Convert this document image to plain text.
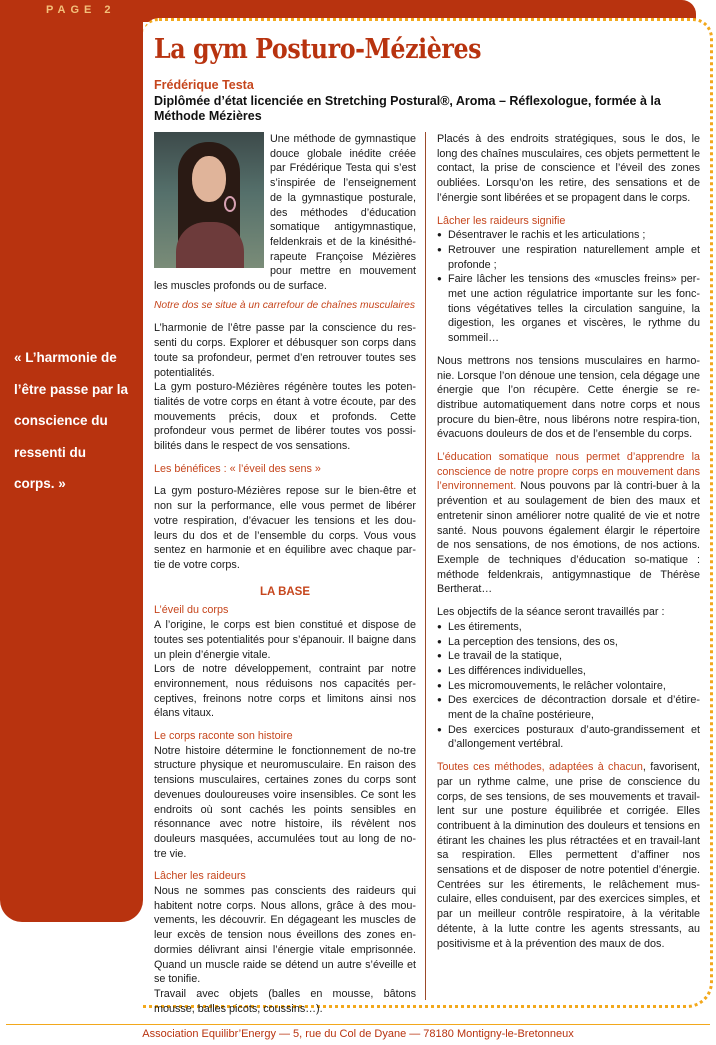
PAGE 2
« L’harmonie de
l’être passe par la
conscience du
ressenti du
corps. »
La gym Posturo-Mézières
Frédérique Testa
Diplômée d’état licenciée en Stretching Postural®, Aroma – Réflexologue, formée à la Méthode Mézières

Une méthode de gymnastique douce globale inédite créée par Frédérique Testa qui s’est s’inspirée de l’enseignement de la gymnastique posturale, des méthodes d’éducation somatique antigymnastique, feldenkrais et de la kinésithé-rapeute Françoise Mézières pour mettre en mouvement les muscles profonds ou de surface.

Notre dos se situe à un carrefour de chaînes musculaires

L’harmonie de l’être passe par la conscience du res-senti du corps. Explorer et débusquer son corps dans toute sa profondeur, permet d’en retrouver toutes ses potentialités.

La gym posturo-Mézières régénère toutes les poten-tialités de votre corps en étant à votre écoute, par des mouvements précis, doux et profonds. Cette profondeur vous permet de libérer toutes vos possi-bilités dans le respect de vos sensations.

Les bénéfices : « l’éveil des sens »

La gym posturo-Mézières repose sur le bien-être et non sur la performance, elle vous permet de libérer votre respiration, d’évacuer les tensions et les dou-leurs du dos et de l’ensemble du corps. Vous vous sentez en harmonie et en équilibre avec chaque par-tie de votre corps.

LA BASE
L’éveil du corps

A l’origine, le corps est bien constitué et dispose de toutes ses potentialités pour s’épanouir. Il baigne dans un plein d’énergie vitale.

Lors de notre développement, contraint par notre environnement, nous réduisons nos capacités per-ceptives, freinons notre corps et limitons ainsi nos élans vitaux.

Le corps raconte son histoire

Notre histoire détermine le fonctionnement de no-tre structure physique et neuromusculaire. En raison des tensions musculaires, certaines zones du corps sont devenues douloureuses voire insensibles. Ce sont les endroits où sont cachés les points sensibles en résonnance avec notre histoire, ils révèlent nos douleurs masquées, accumulées tout au long de no-tre vie.

Lâcher les raideurs

Nous ne sommes pas conscients des raideurs qui habitent notre corps. Nous allons, grâce à des mou-vements, les découvrir. En dégageant les muscles de leur excès de tension nous éveillons des zones en-dormies délivrant ainsi l’énergie vitale emprisonnée. Quand un muscle raide se détend un autre s’éveille et se tonifie.

Travail avec objets (balles en mousse, bâtons mousse, balles picots, coussins…).

Placés à des endroits stratégiques, sous le dos, le long des chaînes musculaires, ces objets permettent le contact, la prise de conscience et l’éveil des zones oubliées. Lorsqu’on les retire, des sensations et de l’énergie sont libérées et se propagent dans le corps.

Lâcher les raideurs signifie
● Désentraver le rachis et les articulations ;
● Retrouver une respiration naturellement ample et profonde ;
● Faire lâcher les tensions des «muscles freins» per-met une action régulatrice importante sur les fonc-tions végétatives telles la circulation sanguine, la digestion, les organes et viscères, le rythme du sommeil…

Nous mettrons nos tensions musculaires en harmo-nie. Lorsque l’on dénoue une tension, cela dégage une énergie que l’on récupère. Cette énergie se re-distribue automatiquement dans notre corps et nous procure du bien-être, nous libérons notre respira-tion, évacuons douleurs de dos et de l’ensemble du corps.

L’éducation somatique nous permet d’apprendre la conscience de notre propre corps en mouvement dans l’environnement. Nous pouvons par là contri-buer à la prévention et au soulagement de bien des maux et entretenir sinon améliorer notre qualité de vie et notre santé. Nous pouvons également élargir le répertoire de nos sensations, de nos émotions, de nos actions. Exemple de techniques d’éducation so-matique : méthode feldenkrais, antigymnastique de Thérèse Bertherat…

Les objectifs de la séance seront travaillés par :

● Les étirements,
● La perception des tensions, des os,
● Le travail de la statique,
● Les différences individuelles,
● Les micromouvements, le relâcher volontaire,
● Des exercices de décontraction dorsale et d’étire-ment de la chaîne postérieure,
● Des exercices posturaux d’auto-grandissement et d’allongement vertébral.

Toutes ces méthodes, adaptées à chacun, favorisent, par un rythme calme, une prise de conscience du corps, de ses tensions, de ses mouvements et travail-lent sur une posture équilibrée et corrigée. Elles contribuent à la diminution des douleurs et tensions en étirant les chaines les plus rétractées et en travail-lant sa respiration. Elles permettent d’affiner nos sensations et de disposer de notre potentiel d’énergie. Centrées sur les étirements, le relâchement mus-culaire, elles conduisent, par des exercices simples, et par un meilleur contrôle respiratoire, à la véritable détente, à la lutte contre les agents stressants, au positivisme et à la prévention des maux de dos.

Association Equilibr’Energy — 5, rue du Col de Dyane — 78180 Montigny-le-Bretonneux
